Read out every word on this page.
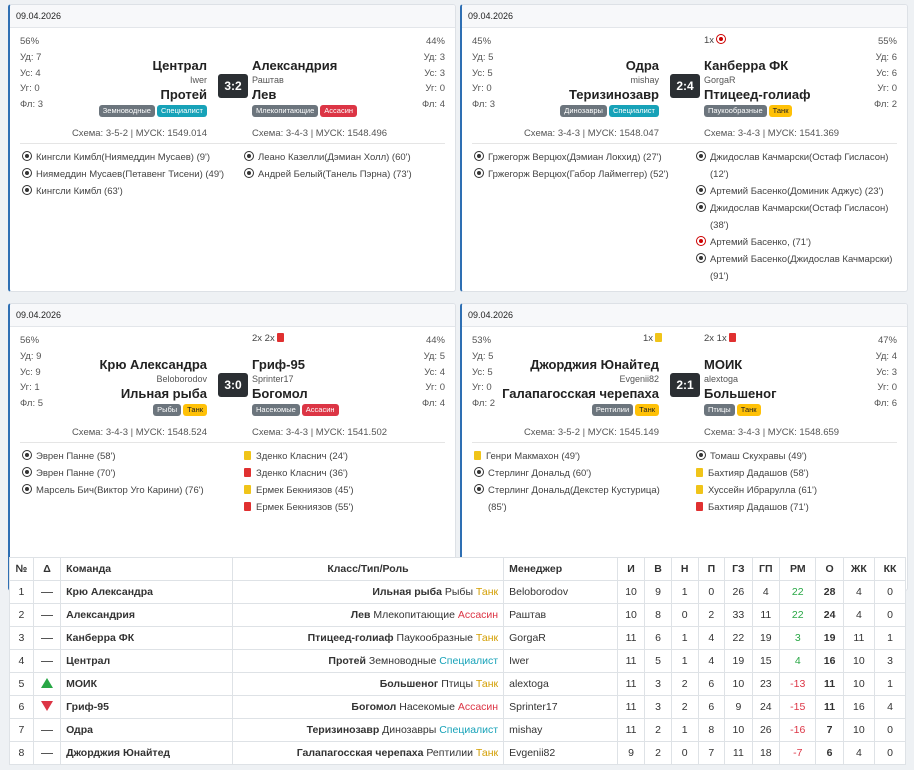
09.04.2026
56%
Уд: 7
Ус: 4
Уг: 0
Фл: 3
44%
Уд: 3
Ус: 3
Уг: 0
Фл: 4
Централ
Iwer
Протей
Земноводные Специалист
3:2
Александрия
Раштав
Лев
Млекопитающие Ассасин
Схема: 3-5-2 | МУСК: 1549.014	Схема: 3-4-3 | МУСК: 1548.496
Кингсли Кимбл(Ниямеддин Мусаев) (9')
Ниямеддин Мусаев(Петавенг Тисени) (49')
Кингсли Кимбл (63')
Леано Казелли(Дэмиан Холл) (60')
Андрей Белый(Танель Пэрна) (73')
09.04.2026
45%
Уд: 5
Ус: 5
Уг: 0
Фл: 3
55%
Уд: 6
Ус: 6
Уг: 0
Фл: 2
1x
Одра
mishay
Теризинозавр
Динозавры Специалист
2:4
Канберра ФК
GorgaR
Птицеед-голиаф
Паукообразные Танк
Схема: 3-4-3 | МУСК: 1548.047	Схема: 3-4-3 | МУСК: 1541.369
Гржегорж Верцюх(Дэмиан Локхид) (27')
Гржегорж Верцюх(Габор Лаймеггер) (52')
Джидослав Качмарски(Остаф Гисласон)
(12')
Артемий Басенко(Доминик Аджус) (23')
Джидослав Качмарски(Остаф Гисласон)
(38')
Артемий Басенко, (71')
Артемий Басенко(Джидослав Качмарски)
(91')
09.04.2026
56%
Уд: 9
Ус: 9
Уг: 1
Фл: 5
44%
Уд: 5
Ус: 4
Уг: 0
Фл: 4
2x 2x
Крю Александра
Beloborodov
Ильная рыба
Рыбы Танк
3:0
Гриф-95
Sprinter17
Богомол
Насекомые Ассасин
Схема: 3-4-3 | МУСК: 1548.524	Схема: 3-4-3 | МУСК: 1541.502
Эврен Панне (58')
Эврен Панне (70')
Марсель Бич(Виктор Уго Карини) (76')
Зденко Класнич (24')
Зденко Класнич (36')
Ермек Бекниязов (45')
Ермек Бекниязов (55')
09.04.2026
53%
Уд: 5
Ус: 5
Уг: 0
Фл: 2
47%
Уд: 4
Ус: 3
Уг: 0
Фл: 6
1x	2x 1x
Джорджия Юнайтед
Evgenii82
Галапагосская черепаха
Рептилии Танк
2:1
МОИК
alextoga
Большеног
Птицы Танк
Схема: 3-5-2 | МУСК: 1545.149	Схема: 3-4-3 | МУСК: 1548.659
Генри Макмахон (49')
Стерлинг Дональд (60')
Стерлинг Дональд(Декстер Кустурица)
(85')
Томаш Скухравы (49')
Бахтияр Дадашов (58')
Хуссейн Ибраруллa (61')
Бахтияр Дадашов (71')
№	Δ	Команда	Класс/Тип/Роль	Менеджер	И	В	Н	П	ГЗ	ГП	РМ	О	ЖК	КК
1		Крю Александра	Ильная рыба Рыбы Танк	Beloborodov	10	9	1	0	26	4	22	28	4	0
2		Александрия	Лев Млекопитающие Ассасин	Раштав	10	8	0	2	33	11	22	24	4	0
3		Канберра ФК	Птицеед-голиаф Паукообразные Танк	GorgaR	11	6	1	4	22	19	3	19	11	1
4		Централ	Протей Земноводные Специалист	Iwer	11	5	1	4	19	15	4	16	10	3
5		МОИК	Большеног Птицы Танк	alextoga	11	3	2	6	10	23	-13	11	10	1
6		Гриф-95	Богомол Насекомые Ассасин	Sprinter17	11	3	2	6	9	24	-15	11	16	4
7		Одра	Теризинозавр Динозавры Специалист	mishay	11	2	1	8	10	26	-16	7	10	0
8		Джорджия Юнайтед	Галапагосская черепаха Рептилии Танк	Evgenii82	9	2	0	7	11	18	-7	6	4	0
